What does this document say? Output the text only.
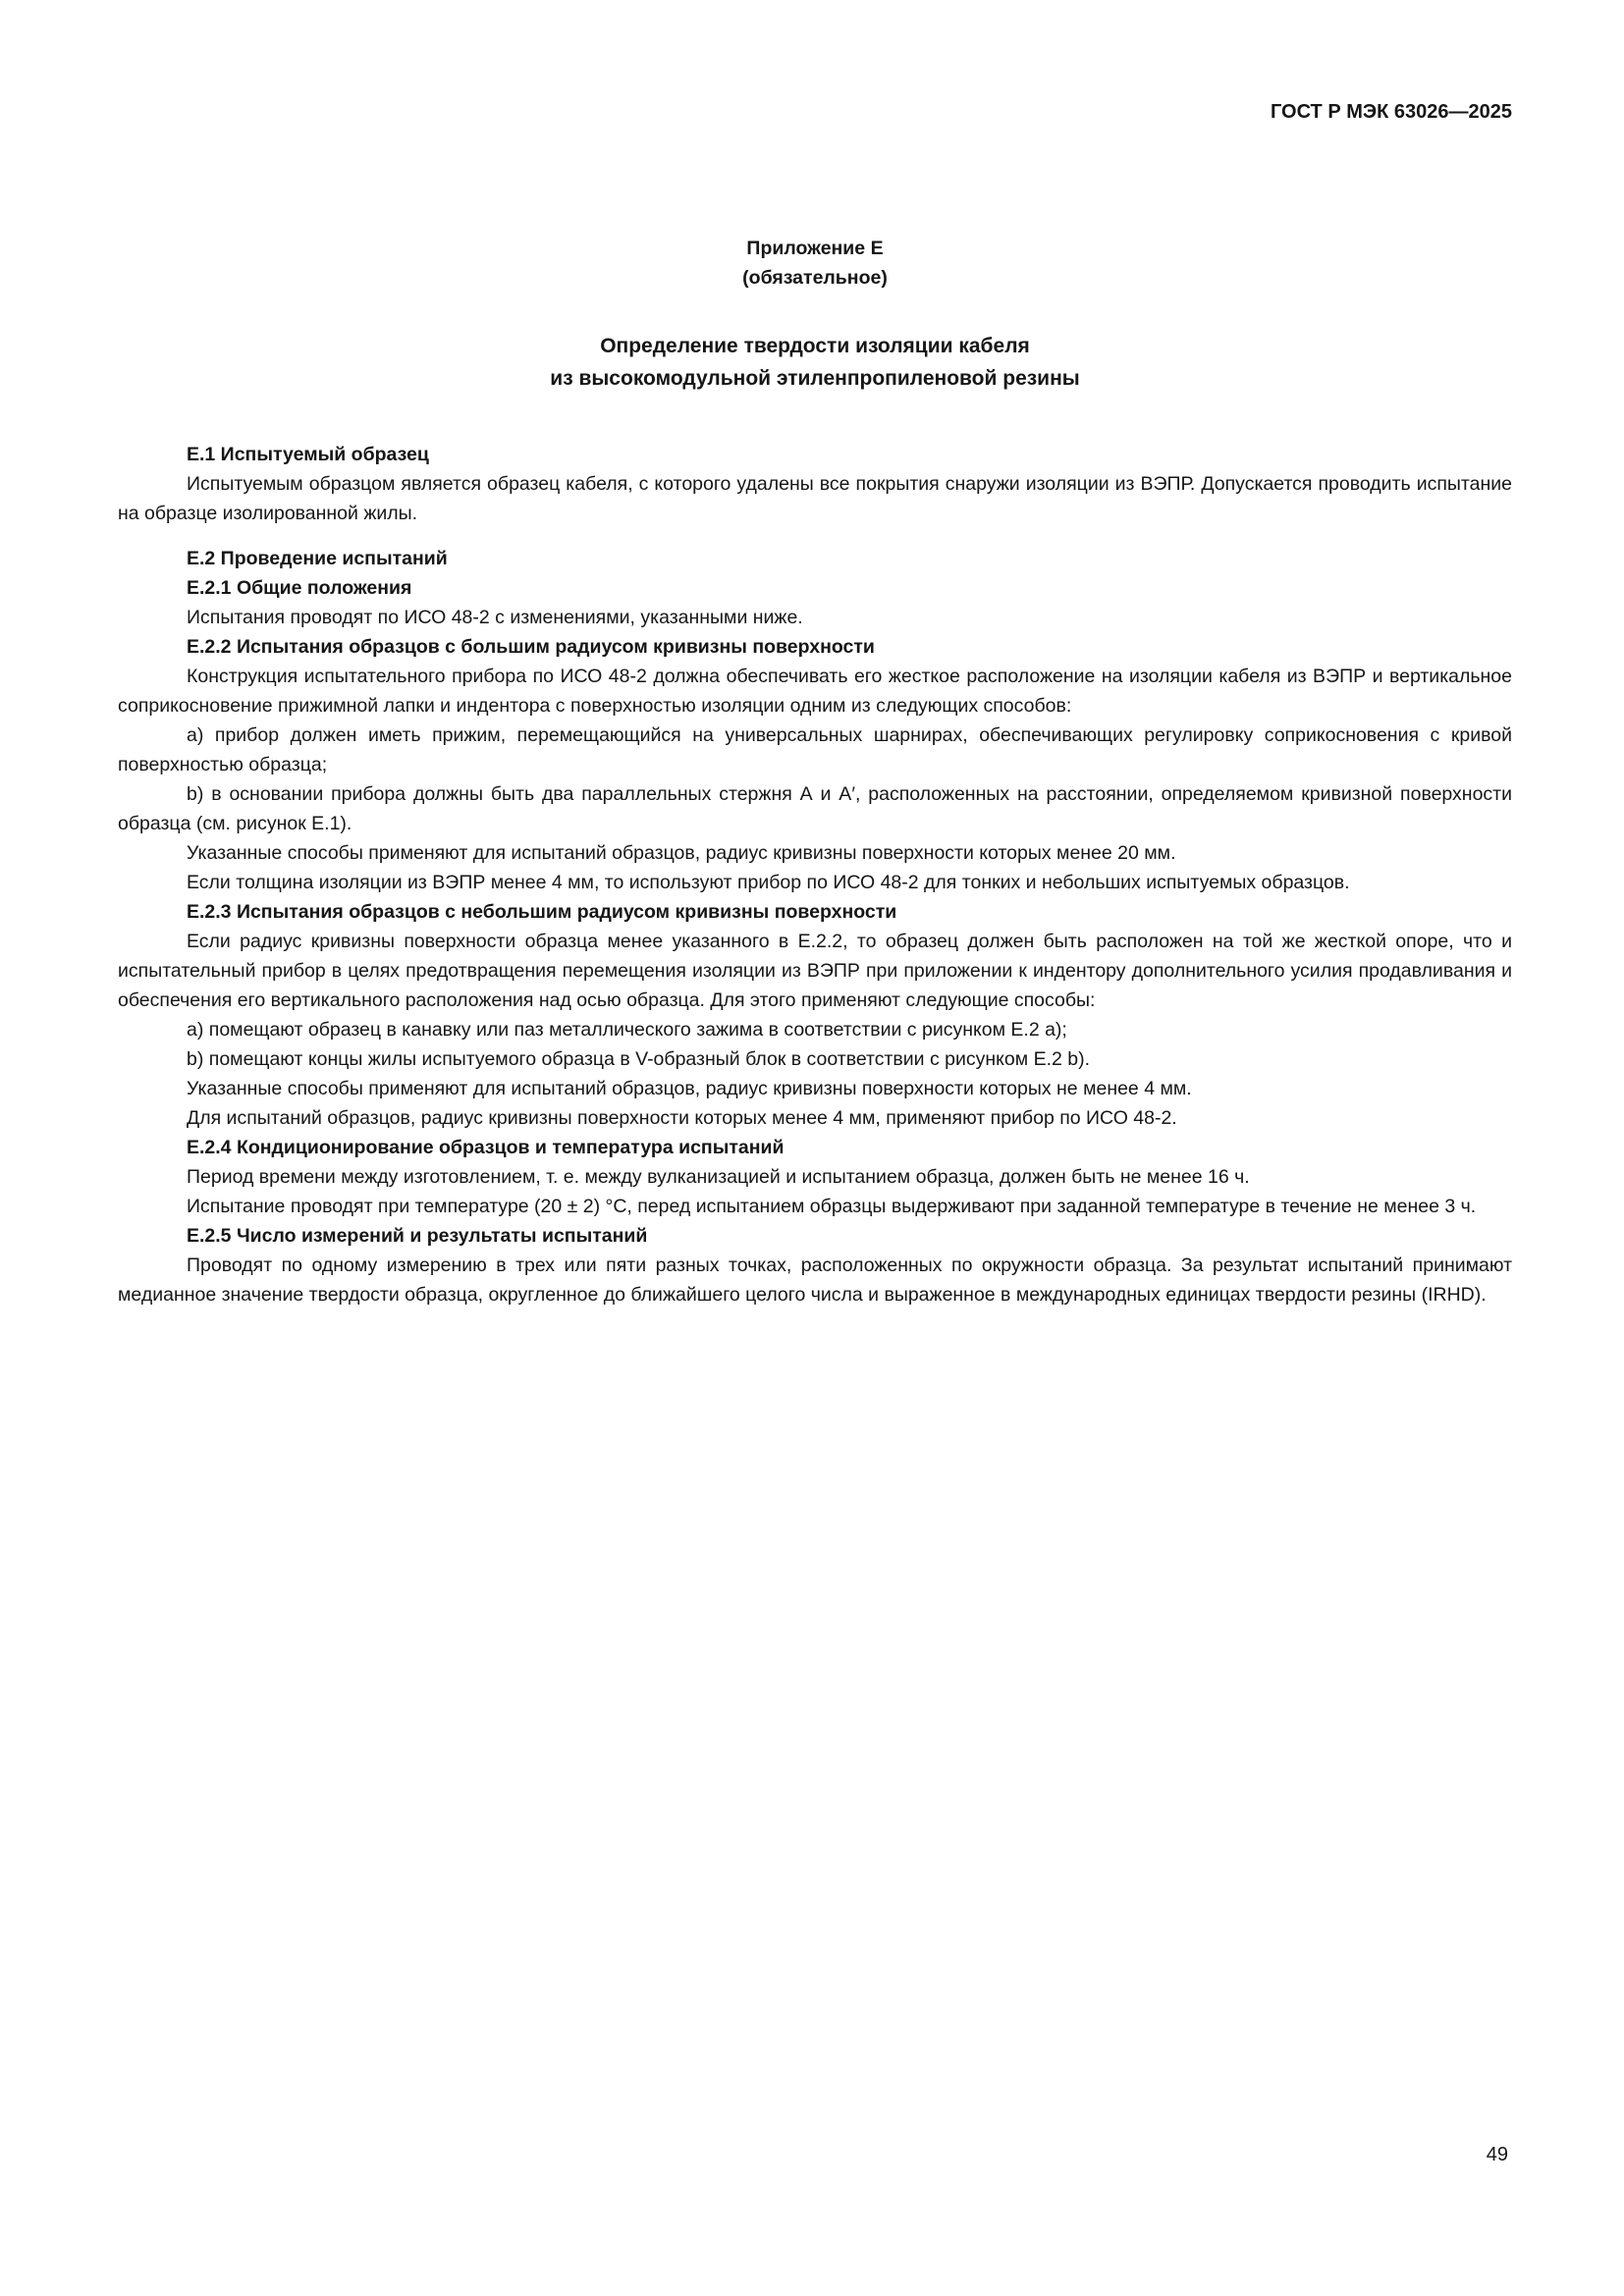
ГОСТ Р МЭК 63026—2025
Приложение Е
(обязательное)
Определение твердости изоляции кабеля
из высокомодульной этиленпропиленовой резины
Е.1 Испытуемый образец

Испытуемым образцом является образец кабеля, с которого удалены все покрытия снаружи изоляции из ВЭПР. Допускается проводить испытание на образце изолированной жилы.

Е.2 Проведение испытаний
Е.2.1 Общие положения

Испытания проводят по ИСО 48-2 с изменениями, указанными ниже.

Е.2.2 Испытания образцов с большим радиусом кривизны поверхности

Конструкция испытательного прибора по ИСО 48-2 должна обеспечивать его жесткое расположение на изоляции кабеля из ВЭПР и вертикальное соприкосновение прижимной лапки и индентора с поверхностью изоляции одним из следующих способов:

a) прибор должен иметь прижим, перемещающийся на универсальных шарнирах, обеспечивающих регулировку соприкосновения с кривой поверхностью образца;

b) в основании прибора должны быть два параллельных стержня А и А′, расположенных на расстоянии, определяемом кривизной поверхности образца (см. рисунок Е.1).

Указанные способы применяют для испытаний образцов, радиус кривизны поверхности которых менее 20 мм.

Если толщина изоляции из ВЭПР менее 4 мм, то используют прибор по ИСО 48-2 для тонких и небольших испытуемых образцов.

Е.2.3 Испытания образцов с небольшим радиусом кривизны поверхности

Если радиус кривизны поверхности образца менее указанного в Е.2.2, то образец должен быть расположен на той же жесткой опоре, что и испытательный прибор в целях предотвращения перемещения изоляции из ВЭПР при приложении к индентору дополнительного усилия продавливания и обеспечения его вертикального расположения над осью образца. Для этого применяют следующие способы:

a) помещают образец в канавку или паз металлического зажима в соответствии с рисунком Е.2 a);

b) помещают концы жилы испытуемого образца в V-образный блок в соответствии с рисунком Е.2 b).

Указанные способы применяют для испытаний образцов, радиус кривизны поверхности которых не менее 4 мм.

Для испытаний образцов, радиус кривизны поверхности которых менее 4 мм, применяют прибор по ИСО 48-2.

Е.2.4 Кондиционирование образцов и температура испытаний

Период времени между изготовлением, т. е. между вулканизацией и испытанием образца, должен быть не менее 16 ч.

Испытание проводят при температуре (20 ± 2) °С, перед испытанием образцы выдерживают при заданной температуре в течение не менее 3 ч.

Е.2.5 Число измерений и результаты испытаний

Проводят по одному измерению в трех или пяти разных точках, расположенных по окружности образца. За результат испытаний принимают медианное значение твердости образца, округленное до ближайшего целого числа и выраженное в международных единицах твердости резины (IRHD).

49
